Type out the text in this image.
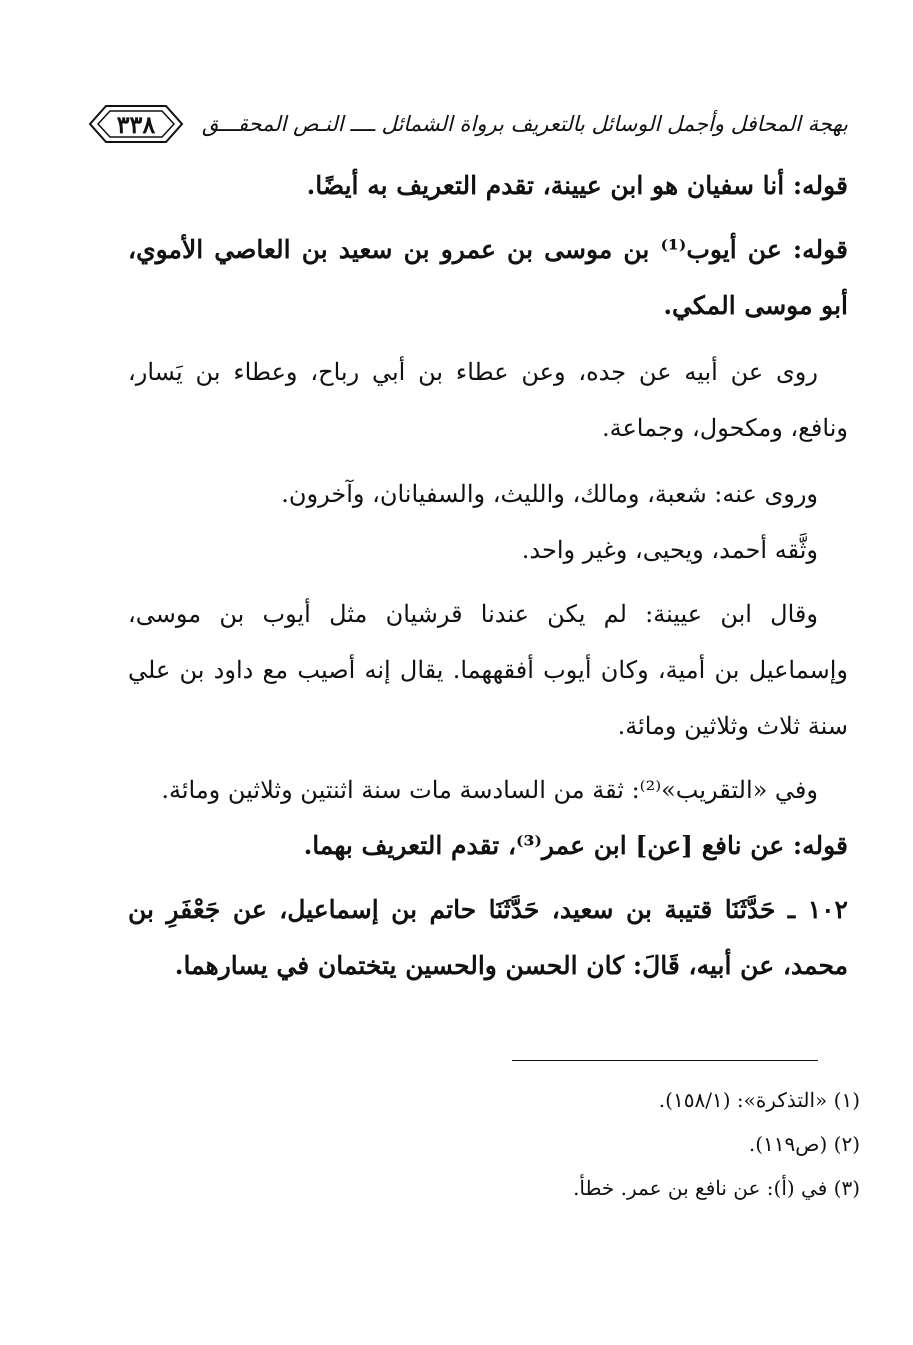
بهجة المحافل وأجمل الوسائل بالتعريف برواة الشمائل ــــ النـص المحقـــق
٣٣٨

قوله: أنا سفيان هو ابن عيينة، تقدم التعريف به أيضًا.

قوله: عن أيوب⁽¹⁾ بن موسى بن عمرو بن سعيد بن العاصي الأموي، أبو موسى المكي.

روى عن أبيه عن جده، وعن عطاء بن أبي رباح، وعطاء بن يَسار، ونافع، ومكحول، وجماعة.

وروى عنه: شعبة، ومالك، والليث، والسفيانان، وآخرون.

وثَّقه أحمد، ويحيى، وغير واحد.

وقال ابن عيينة: لم يكن عندنا قرشيان مثل أيوب بن موسى، وإسماعيل بن أمية، وكان أيوب أفقههما. يقال إنه أصيب مع داود بن علي سنة ثلاث وثلاثين ومائة.

وفي «التقريب»⁽²⁾: ثقة من السادسة مات سنة اثنتين وثلاثين ومائة.

قوله: عن نافع [عن] ابن عمر⁽³⁾، تقدم التعريف بهما.

١٠٢ ـ حَدَّثَنَا قتيبة بن سعيد، حَدَّثَنَا حاتم بن إسماعيل، عن جَعْفَرِ بن محمد، عن أبيه، قَالَ: كان الحسن والحسين يتختمان في يسارهما.

(١) «التذكرة»: (١٥٨/١).

(٢) (ص١١٩).

(٣) في (أ): عن نافع بن عمر. خطأ.
